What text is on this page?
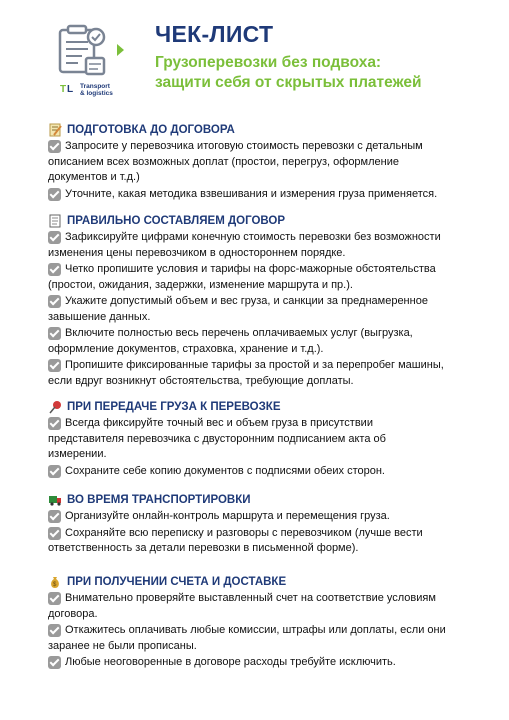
T L Transport
& logistics
ЧЕК-ЛИСТ
Грузоперевозки без подвоха:
защити себя от скрытых платежей
ПОДГОТОВКА ДО ДОГОВОРА
Запросите у перевозчика итоговую стоимость перевозки с детальным
описанием всех возможных доплат (простои, перегруз, оформление
документов и т.д.)
Уточните, какая методика взвешивания и измерения груза применяется.
ПРАВИЛЬНО СОСТАВЛЯЕМ ДОГОВОР
Зафиксируйте цифрами конечную стоимость перевозки без возможности
изменения цены перевозчиком в одностороннем порядке.
Четко пропишите условия и тарифы на форс-мажорные обстоятельства
(простои, ожидания, задержки, изменение маршрута и пр.).
Укажите допустимый объем и вес груза, и санкции за преднамеренное
завышение данных.
Включите полностью весь перечень оплачиваемых услуг (выгрузка,
оформление документов, страховка, хранение и т.д.).
Пропишите фиксированные тарифы за простой и за перепробег машины,
если вдруг возникнут обстоятельства, требующие доплаты.
ПРИ ПЕРЕДАЧЕ ГРУЗА К ПЕРЕВОЗКЕ
Всегда фиксируйте точный вес и объем груза в присутствии
представителя перевозчика с двусторонним подписанием акта об
измерении.
Сохраните себе копию документов с подписями обеих сторон.
ВО ВРЕМЯ ТРАНСПОРТИРОВКИ
Организуйте онлайн-контроль маршрута и перемещения груза.
Сохраняйте всю переписку и разговоры с перевозчиком (лучше вести
ответственность за детали перевозки в письменной форме).
$ ПРИ ПОЛУЧЕНИИ СЧЕТА И ДОСТАВКЕ
Внимательно проверяйте выставленный счет на соответствие условиям
договора.
Откажитесь оплачивать любые комиссии, штрафы или доплаты, если они
заранее не были прописаны.
Любые неоговоренные в договоре расходы требуйте исключить.
